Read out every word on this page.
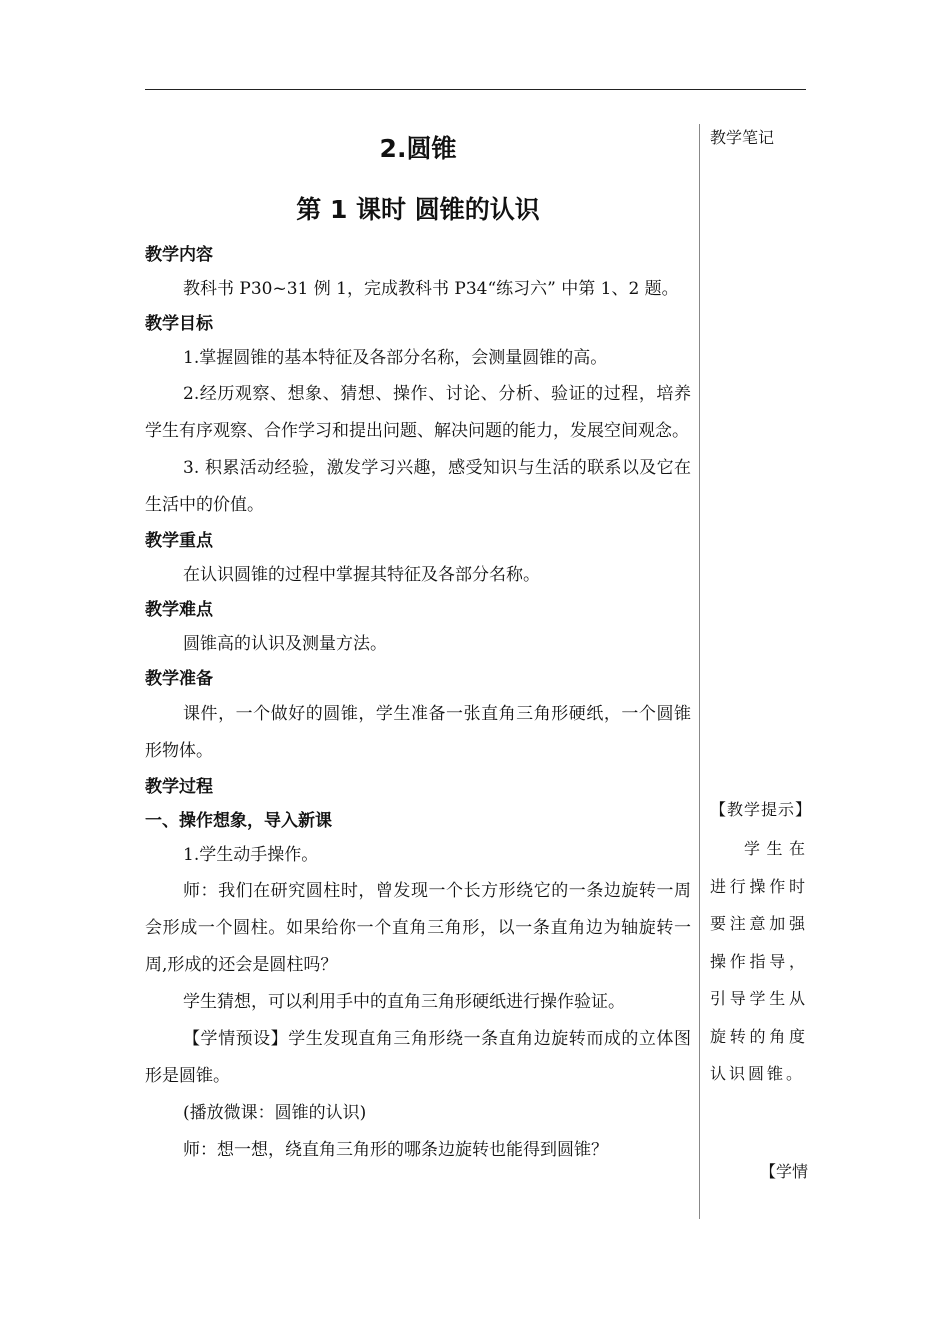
2.圆锥
第 1 课时 圆锥的认识
教学内容

教科书 P30~31 例 1，完成教科书 P34“练习六” 中第 1、2 题。

教学目标

1.掌握圆锥的基本特征及各部分名称，会测量圆锥的高。

2.经历观察、想象、猜想、操作、讨论、分析、验证的过程，培养学生有序观察、合作学习和提出问题、解决问题的能力，发展空间观念。

3. 积累活动经验，激发学习兴趣，感受知识与生活的联系以及它在生活中的价值。

教学重点

在认识圆锥的过程中掌握其特征及各部分名称。

教学难点

圆锥高的认识及测量方法。

教学准备

课件，一个做好的圆锥，学生准备一张直角三角形硬纸，一个圆锥形物体。

教学过程
一、操作想象，导入新课

1.学生动手操作。

师：我们在研究圆柱时，曾发现一个长方形绕它的一条边旋转一周会形成一个圆柱。如果给你一个直角三角形，以一条直角边为轴旋转一周,形成的还会是圆柱吗？

学生猜想，可以利用手中的直角三角形硬纸进行操作验证。

【学情预设】学生发现直角三角形绕一条直角边旋转而成的立体图形是圆锥。

(播放微课：圆锥的认识)

师：想一想，绕直角三角形的哪条边旋转也能得到圆锥？

教学笔记
【教学提示】

学生在进行操作时要注意加强操作指导，引导学生从旋转的角度认识圆锥。

【学情
